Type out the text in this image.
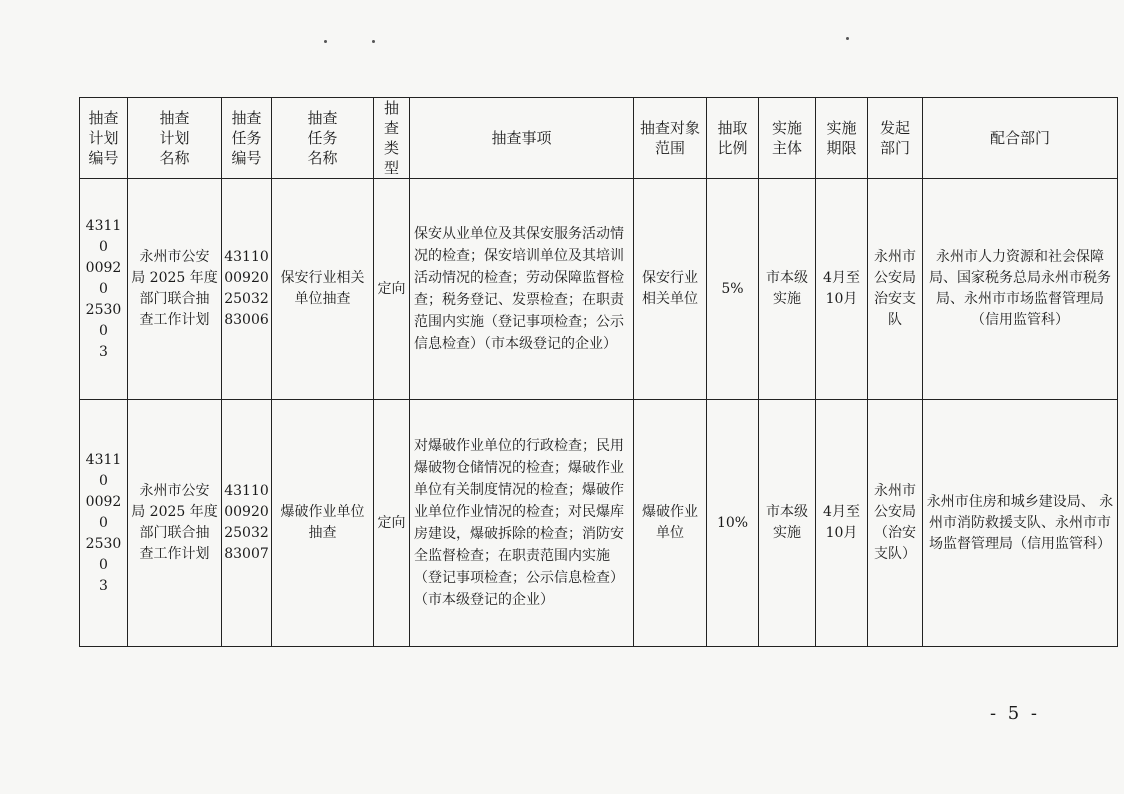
抽查
计划
编号	抽查
计划
名称	抽查
任务
编号	抽查
任务
名称	抽查
类型	抽查事项	抽查对象
范围	抽取
比例	实施
主体	实施
期限	发起
部门	配合部门

43110
00920
25300
3	永州市公安
局 2025 年度
部门联合抽
查工作计划	43110
00920
25032
83006	保安行业相关
单位抽查	定向	保安从业单位及其保安服务活动情况的检查；保安培训单位及其培训活动情况的检查；劳动保障监督检查；税务登记、发票检查；在职责范围内实施（登记事项检查；公示信息检查）（市本级登记的企业）	保安行业
相关单位	5%	市本级
实施	4月至
10月	永州市
公安局
治安支
队	永州市人力资源和社会保障局、国家税务总局永州市税务局、永州市市场监督管理局（信用监管科）

43110
00920
25300
3	永州市公安
局 2025 年度
部门联合抽
查工作计划	43110
00920
25032
83007	爆破作业单位
抽查	定向	对爆破作业单位的行政检查；民用爆破物仓储情况的检查；爆破作业单位有关制度情况的检查；爆破作业单位作业情况的检查；对民爆库房建设，爆破拆除的检查；消防安全监督检查；在职责范围内实施（登记事项检查；公示信息检查）（市本级登记的企业）	爆破作业
单位	10%	市本级
实施	4月至
10月	永州市
公安局
（治安
支队）	永州市住房和城乡建设局、 永州市消防救援支队、永州市市场监督管理局（信用监管科）
- 5 -
